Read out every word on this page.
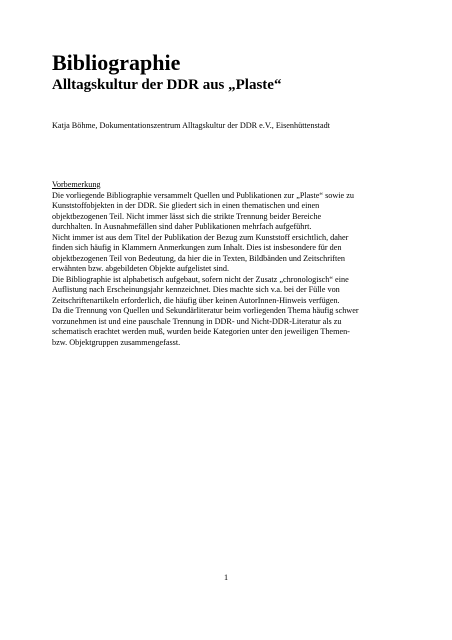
Bibliographie
Alltagskultur der DDR aus „Plaste“
Katja Böhme, Dokumentationszentrum Alltagskultur der DDR e.V., Eisenhüttenstadt
Vorbemerkung
Die vorliegende Bibliographie versammelt Quellen und Publikationen zur „Plaste“ sowie zu
Kunststoffobjekten in der DDR. Sie gliedert sich in einen thematischen und einen
objektbezogenen Teil. Nicht immer lässt sich die strikte Trennung beider Bereiche
durchhalten. In Ausnahmefällen sind daher Publikationen mehrfach aufgeführt.
Nicht immer ist aus dem Titel der Publikation der Bezug zum Kunststoff ersichtlich, daher
finden sich häufig in Klammern Anmerkungen zum Inhalt. Dies ist insbesondere für den
objektbezogenen Teil von Bedeutung, da hier die in Texten, Bildbänden und Zeitschriften
erwähnten bzw. abgebildeten Objekte aufgelistet sind.
Die Bibliographie ist alphabetisch aufgebaut, sofern nicht der Zusatz „chronologisch“ eine
Auflistung nach Erscheinungsjahr kennzeichnet. Dies machte sich v.a. bei der Fülle von
Zeitschriftenartikeln erforderlich, die häufig über keinen AutorInnen-Hinweis verfügen.
Da die Trennung von Quellen und Sekundärliteratur beim vorliegenden Thema häufig schwer
vorzunehmen ist und eine pauschale Trennung in DDR- und Nicht-DDR-Literatur als zu
schematisch erachtet werden muß, wurden beide Kategorien unter den jeweiligen Themen-
bzw. Objektgruppen zusammengefasst.
1
